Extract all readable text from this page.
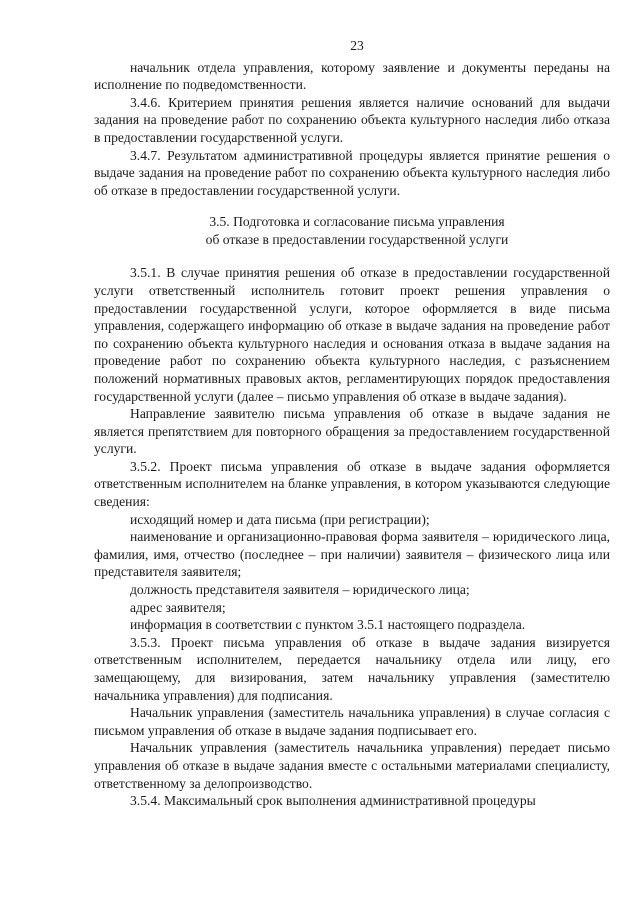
23

начальник отдела управления, которому заявление и документы переданы на исполнение по подведомственности.

3.4.6. Критерием принятия решения является наличие оснований для выдачи задания на проведение работ по сохранению объекта культурного наследия либо отказа в предоставлении государственной услуги.

3.4.7. Результатом административной процедуры является принятие решения о выдаче задания на проведение работ по сохранению объекта культурного наследия либо об отказе в предоставлении государственной услуги.

3.5. Подготовка и согласование письма управления
об отказе в предоставлении государственной услуги

3.5.1. В случае принятия решения об отказе в предоставлении государственной услуги ответственный исполнитель готовит проект решения управления о предоставлении государственной услуги, которое оформляется в виде письма управления, содержащего информацию об отказе в выдаче задания на проведение работ по сохранению объекта культурного наследия и основания отказа в выдаче задания на проведение работ по сохранению объекта культурного наследия, с разъяснением положений нормативных правовых актов, регламентирующих порядок предоставления государственной услуги (далее – письмо управления об отказе в выдаче задания).

Направление заявителю письма управления об отказе в выдаче задания не является препятствием для повторного обращения за предоставлением государственной услуги.

3.5.2. Проект письма управления об отказе в выдаче задания оформляется ответственным исполнителем на бланке управления, в котором указываются следующие сведения:

исходящий номер и дата письма (при регистрации);

наименование и организационно-правовая форма заявителя – юридического лица, фамилия, имя, отчество (последнее – при наличии) заявителя – физического лица или представителя заявителя;

должность представителя заявителя – юридического лица;

адрес заявителя;

информация в соответствии с пунктом 3.5.1 настоящего подраздела.

3.5.3. Проект письма управления об отказе в выдаче задания визируется ответственным исполнителем, передается начальнику отдела или лицу, его замещающему, для визирования, затем начальнику управления (заместителю начальника управления) для подписания.

Начальник управления (заместитель начальника управления) в случае согласия с письмом управления об отказе в выдаче задания подписывает его.

Начальник управления (заместитель начальника управления) передает письмо управления об отказе в выдаче задания вместе с остальными материалами специалисту, ответственному за делопроизводство.

3.5.4. Максимальный срок выполнения административной процедуры
